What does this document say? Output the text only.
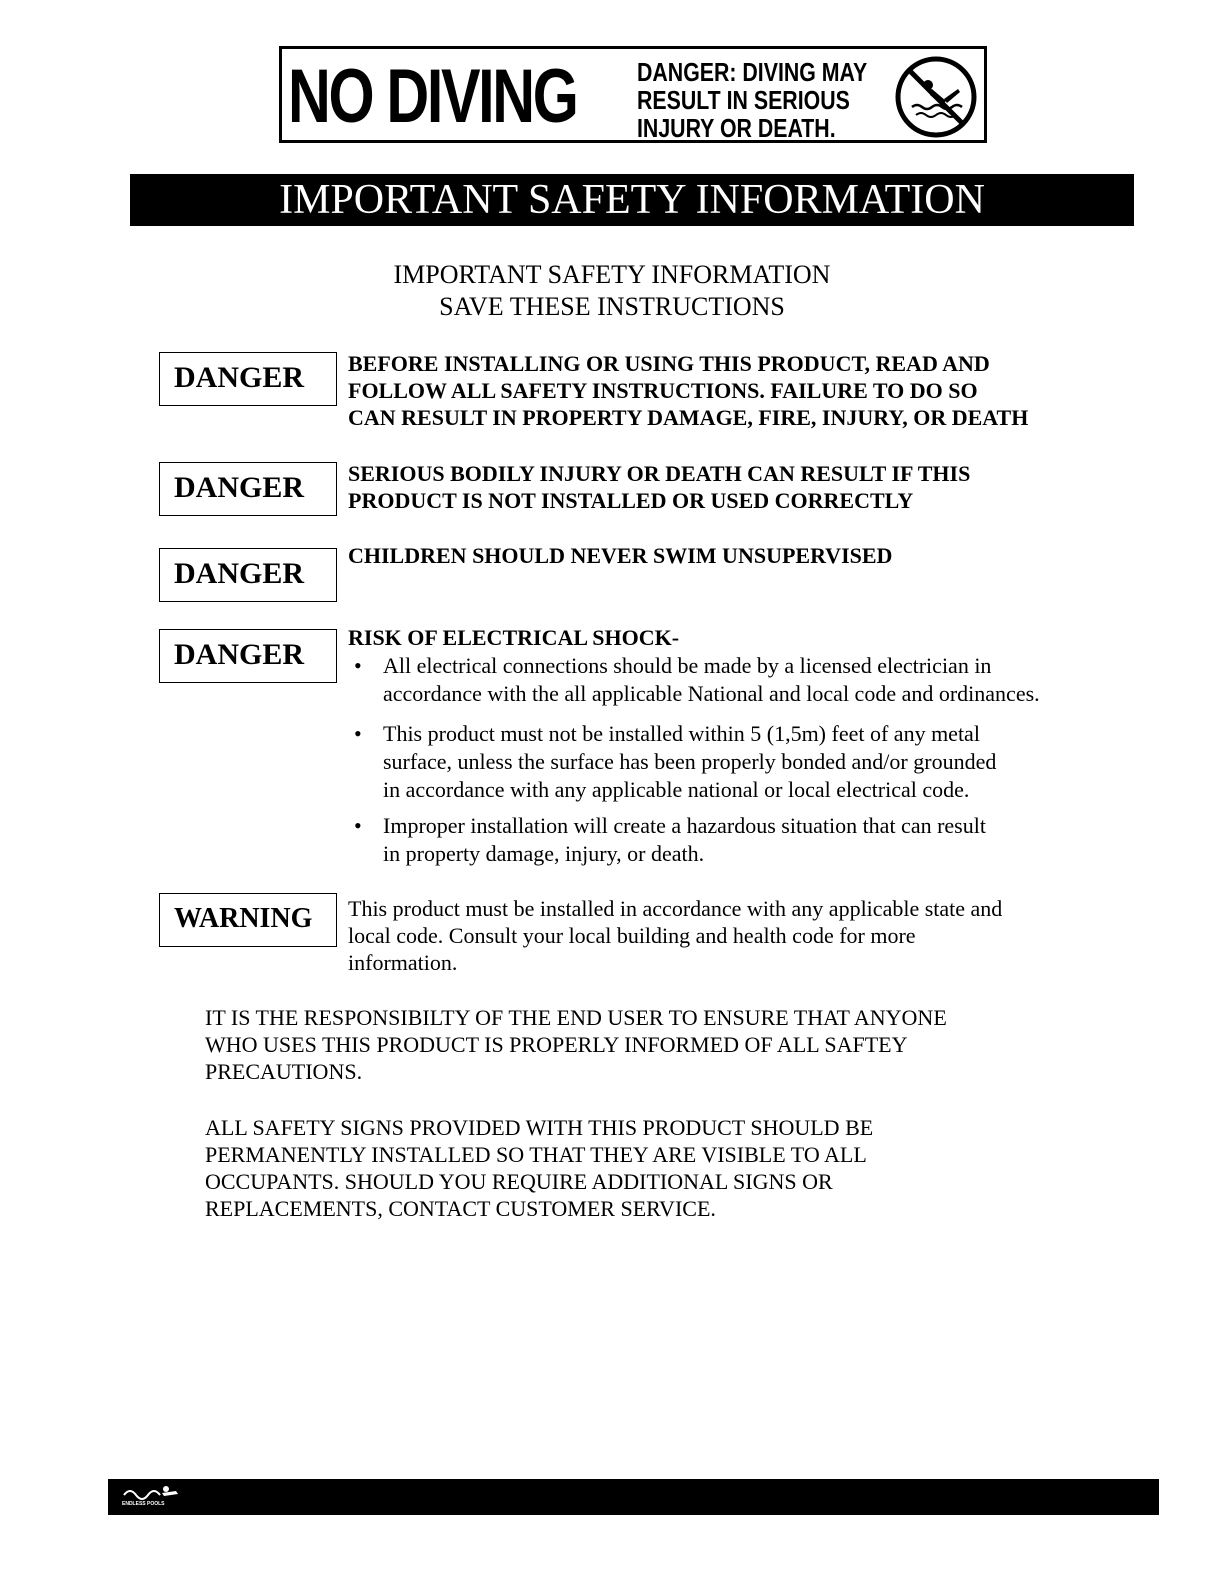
NO DIVING DANGER: DIVING MAY
RESULT IN SERIOUS
INJURY OR DEATH.
IMPORTANT SAFETY INFORMATION
IMPORTANT SAFETY INFORMATION
SAVE THESE INSTRUCTIONS
DANGER	BEFORE INSTALLING OR USING THIS PRODUCT, READ AND
FOLLOW ALL SAFETY INSTRUCTIONS. FAILURE TO DO SO
CAN RESULT IN PROPERTY DAMAGE, FIRE, INJURY, OR DEATH
DANGER	SERIOUS BODILY INJURY OR DEATH CAN RESULT IF THIS
PRODUCT IS NOT INSTALLED OR USED CORRECTLY
DANGER
CHILDREN SHOULD NEVER SWIM UNSUPERVISED
DANGER
RISK OF ELECTRICAL SHOCK-
• All electrical connections should be made by a licensed electrician in
accordance with the all applicable National and local code and ordinances.
• This product must not be installed within 5 (1,5m) feet of any metal
surface, unless the surface has been properly bonded and/or grounded
in accordance with any applicable national or local electrical code.
• Improper installation will create a hazardous situation that can result
in property damage, injury, or death.
WARNING	This product must be installed in accordance with any applicable state and
local code. Consult your local building and health code for more
information.
IT IS THE RESPONSIBILTY OF THE END USER TO ENSURE THAT ANYONE
WHO USES THIS PRODUCT IS PROPERLY INFORMED OF ALL SAFTEY
PRECAUTIONS.
ALL SAFETY SIGNS PROVIDED WITH THIS PRODUCT SHOULD BE
PERMANENTLY INSTALLED SO THAT THEY ARE VISIBLE TO ALL
OCCUPANTS. SHOULD YOU REQUIRE ADDITIONAL SIGNS OR
REPLACEMENTS, CONTACT CUSTOMER SERVICE.
ENDLESS POOLS
